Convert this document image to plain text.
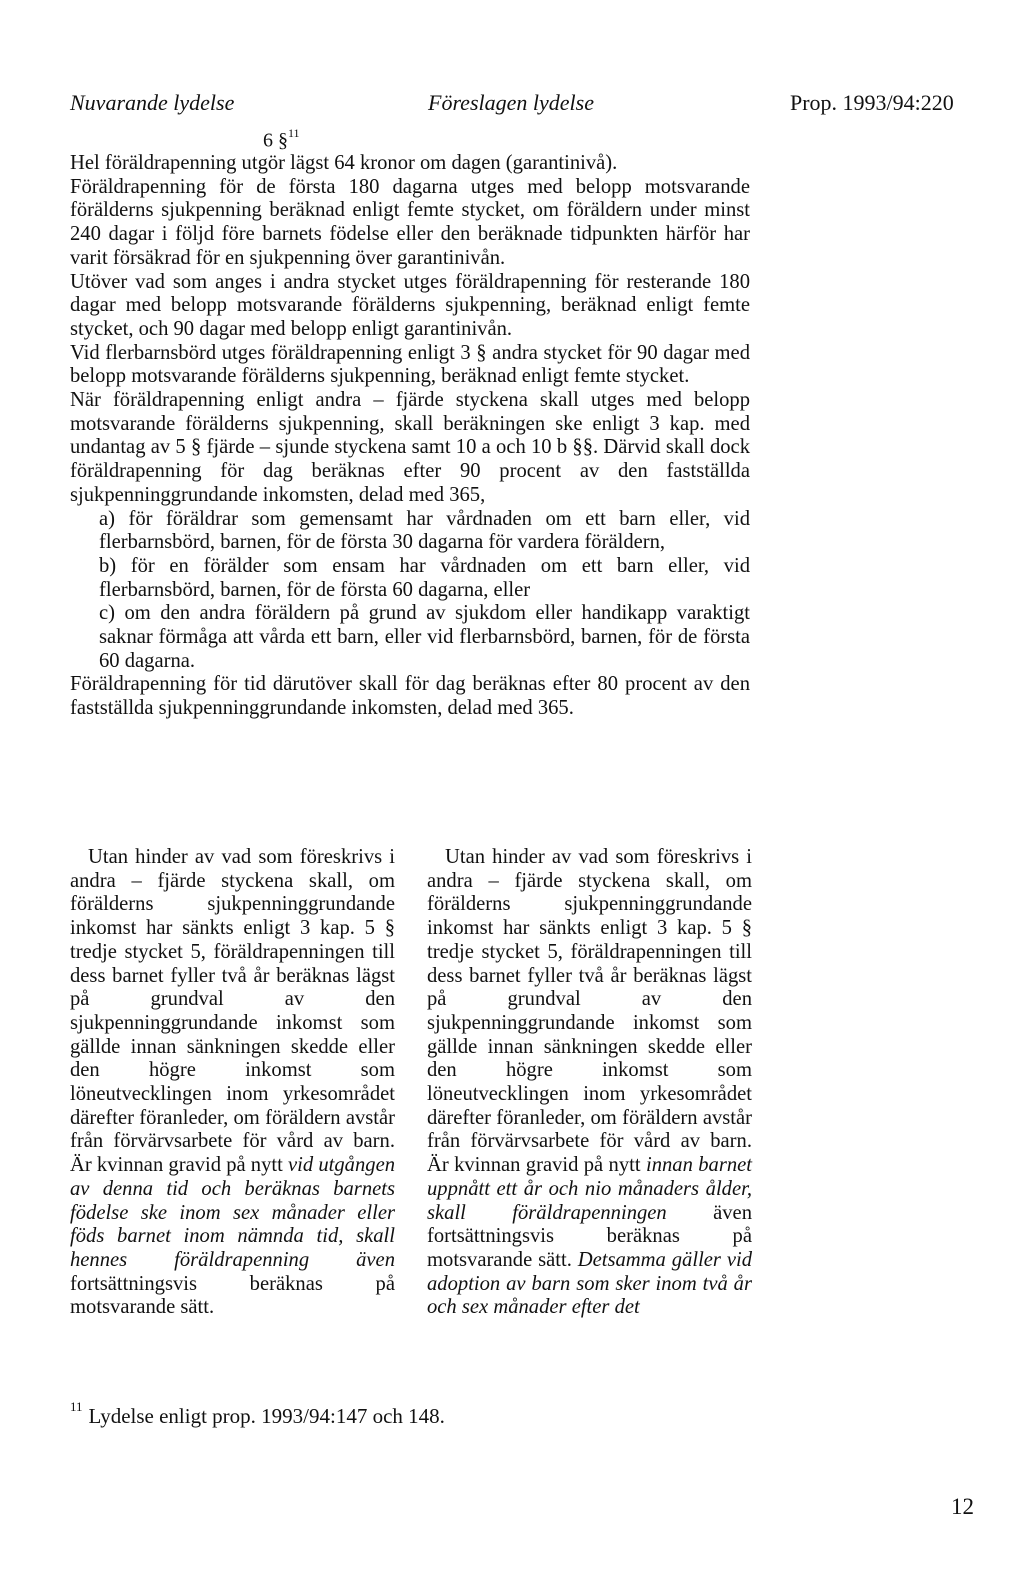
Nuvarande lydelse	Föreslagen lydelse	Prop. 1993/94:220
6 §$^{11}$

Hel föräldrapenning utgör lägst 64 kronor om dagen (garantinivå).

Föräldrapenning för de första 180 dagarna utges med belopp motsvarande förälderns sjukpenning beräknad enligt femte stycket, om föräldern under minst 240 dagar i följd före barnets födelse eller den beräknade tidpunkten härför har varit försäkrad för en sjukpenning över garantinivån.

Utöver vad som anges i andra stycket utges föräldrapenning för resterande 180 dagar med belopp motsvarande förälderns sjukpenning, beräknad enligt femte stycket, och 90 dagar med belopp enligt garantinivån.

Vid flerbarnsbörd utges föräldrapenning enligt 3 § andra stycket för 90 dagar med belopp motsvarande förälderns sjukpenning, beräknad enligt femte stycket.

När föräldrapenning enligt andra – fjärde styckena skall utges med belopp motsvarande förälderns sjukpenning, skall beräkningen ske enligt 3 kap. med undantag av 5 § fjärde – sjunde styckena samt 10 a och 10 b §§. Därvid skall dock föräldrapenning för dag beräknas efter 90 procent av den fastställda sjukpenninggrundande inkomsten, delad med 365,

a) för föräldrar som gemensamt har vårdnaden om ett barn eller, vid flerbarnsbörd, barnen, för de första 30 dagarna för vardera föräldern,

b) för en förälder som ensam har vårdnaden om ett barn eller, vid flerbarnsbörd, barnen, för de första 60 dagarna, eller

c) om den andra föräldern på grund av sjukdom eller handikapp varaktigt saknar förmåga att vårda ett barn, eller vid flerbarnsbörd, barnen, för de första 60 dagarna.

Föräldrapenning för tid därutöver skall för dag beräknas efter 80 procent av den fastställda sjukpenninggrundande inkomsten, delad med 365.

Utan hinder av vad som föreskrivs i andra – fjärde styckena skall, om förälderns sjukpenninggrundande inkomst har sänkts enligt 3 kap. 5 § tredje stycket 5, föräldrapenningen till dess barnet fyller två år beräknas lägst på grundval av den sjukpenninggrundande inkomst som gällde innan sänkningen skedde eller den högre inkomst som löneutvecklingen inom yrkesområdet därefter föranleder, om föräldern avstår från förvärvsarbete för vård av barn. Är kvinnan gravid på nytt vid utgången av denna tid och beräknas barnets födelse ske inom sex månader eller föds barnet inom nämnda tid, skall hennes föräldrapenning även fortsättningsvis beräknas på motsvarande sätt.

Utan hinder av vad som föreskrivs i andra – fjärde styckena skall, om förälderns sjukpenninggrundande inkomst har sänkts enligt 3 kap. 5 § tredje stycket 5, föräldrapenningen till dess barnet fyller två år beräknas lägst på grundval av den sjukpenninggrundande inkomst som gällde innan sänkningen skedde eller den högre inkomst som löneutvecklingen inom yrkesområdet därefter föranleder, om föräldern avstår från förvärvsarbete för vård av barn. Är kvinnan gravid på nytt innan barnet uppnått ett år och nio månaders ålder, skall föräldrapenningen även fortsättningsvis beräknas på motsvarande sätt. Detsamma gäller vid adoption av barn som sker inom två år och sex månader efter det

$^{11}$ Lydelse enligt prop. 1993/94:147 och 148.
12
